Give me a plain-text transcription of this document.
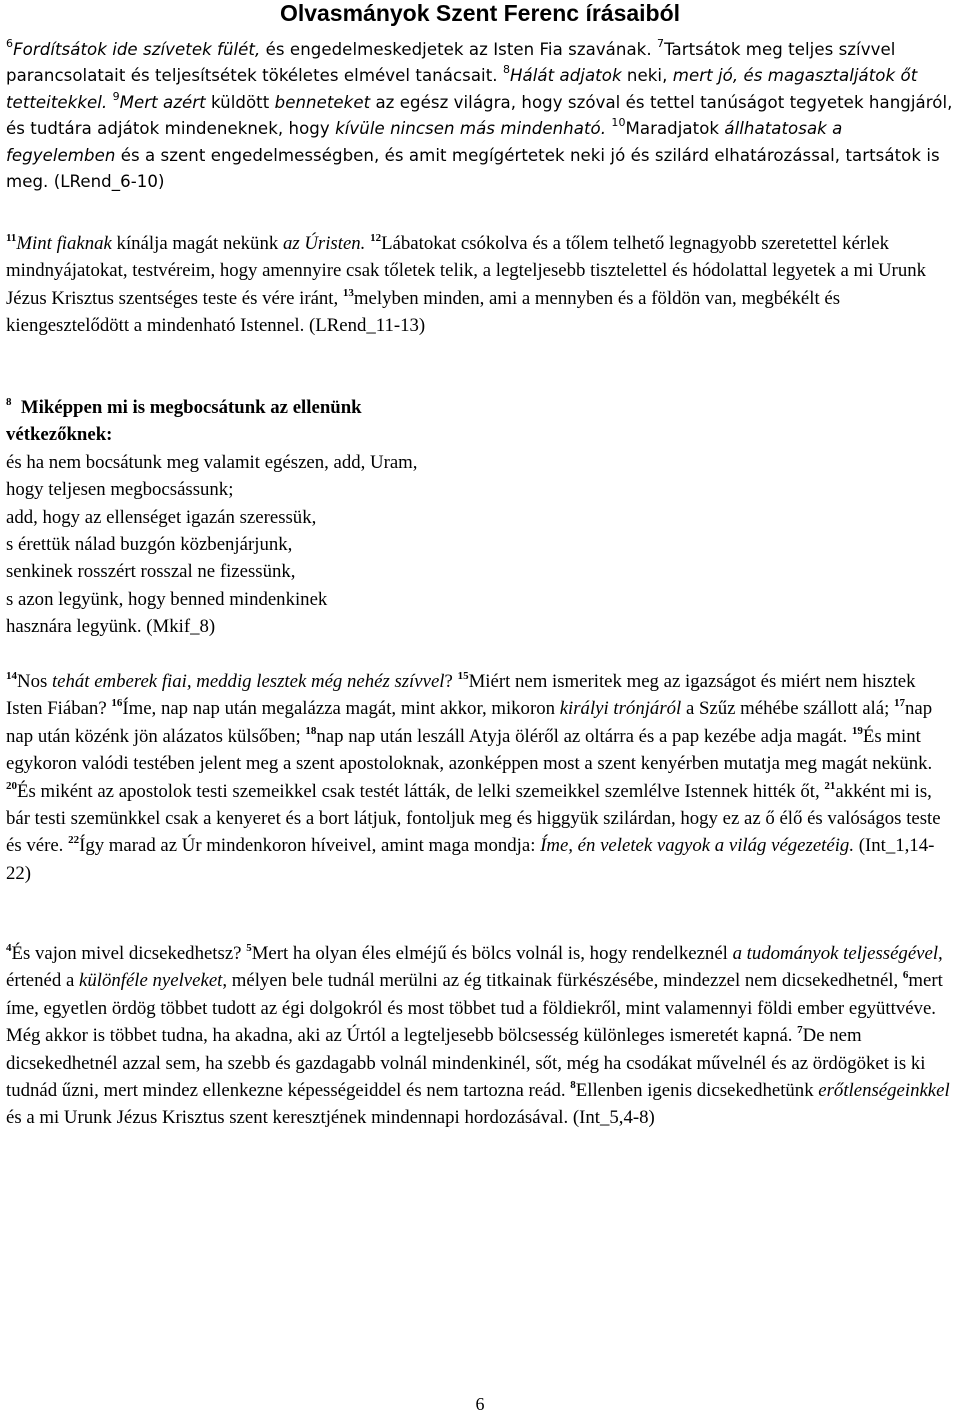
Olvasmányok Szent Ferenc írásaiból

$^6$Fordítsátok ide szívetek fülét, és engedelmeskedjetek az Isten Fia szavának. $^7$Tartsátok meg teljes szívvel parancsolatait és teljesítsétek tökéletes elmével tanácsait. $^8$Hálát adjatok neki, mert jó, és magasztaljátok őt tetteitekkel. $^9$Mert azért küldött benneteket az egész világra, hogy szóval és tettel tanúságot tegyetek hangjáról, és tudtára adjátok mindeneknek, hogy kívüle nincsen más mindenható. $^{10}$Maradjatok állhatatosak a fegyelemben és a szent engedelmességben, és amit megígértetek neki jó és szilárd elhatározással, tartsátok is meg. (LRend_6-10)

$^{11}$Mint fiaknak kínálja magát nekünk az Úristen. $^{12}$Lábatokat csókolva és a tőlem telhető legnagyobb szeretettel kérlek mindnyájatokat, testvéreim, hogy amennyire csak tőletek telik, a legteljesebb tisztelettel és hódolattal legyetek a mi Urunk Jézus Krisztus szentséges teste és vére iránt, $^{13}$melyben minden, ami a mennyben és a földön van, megbékélt és kiengesztelődött a mindenható Istennel. (LRend_11-13)

$^8$ Miképpen mi is megbocsátunk az ellenünk
vétkezőknek:
és ha nem bocsátunk meg valamit egészen, add, Uram,
hogy teljesen megbocsássunk;
add, hogy az ellenséget igazán szeressük,
s érettük nálad buzgón közbenjárjunk,
senkinek rosszért rosszal ne fizessünk,
s azon legyünk, hogy benned mindenkinek
hasznára legyünk. (Mkif_8)

$^{14}$Nos tehát emberek fiai, meddig lesztek még nehéz szívvel? $^{15}$Miért nem ismeritek meg az igazságot és miért nem hisztek Isten Fiában? $^{16}$Íme, nap nap után megalázza magát, mint akkor, mikoron királyi trónjáról a Szűz méhébe szállott alá; $^{17}$nap nap után közénk jön alázatos külsőben; $^{18}$nap nap után leszáll Atyja öléről az oltárra és a pap kezébe adja magát. $^{19}$És mint egykoron valódi testében jelent meg a szent apostoloknak, azonképpen most a szent kenyérben mutatja meg magát nekünk. $^{20}$És miként az apostolok testi szemeikkel csak testét látták, de lelki szemeikkel szemlélve Istennek hitték őt, $^{21}$akként mi is, bár testi szemünkkel csak a kenyeret és a bort látjuk, fontoljuk meg és higgyük szilárdan, hogy ez az ő élő és valóságos teste és vére. $^{22}$Így marad az Úr mindenkoron híveivel, amint maga mondja: Íme, én veletek vagyok a világ végezetéig. (Int_1,14-22)

$^4$És vajon mivel dicsekedhetsz? $^5$Mert ha olyan éles elméjű és bölcs volnál is, hogy rendelkeznél a tudományok teljességével, értenéd a különféle nyelveket, mélyen bele tudnál merülni az ég titkainak fürkészésébe, mindezzel nem dicsekedhetnél, $^6$mert íme, egyetlen ördög többet tudott az égi dolgokról és most többet tud a földiekről, mint valamennyi földi ember együttvéve. Még akkor is többet tudna, ha akadna, aki az Úrtól a legteljesebb bölcsesség különleges ismeretét kapná. $^7$De nem dicsekedhetnél azzal sem, ha szebb és gazdagabb volnál mindenkinél, sőt, még ha csodákat művelnél és az ördögöket is ki tudnád űzni, mert mindez ellenkezne képességeiddel és nem tartozna reád. $^8$Ellenben igenis dicsekedhetünk erőtlenségeinkkel és a mi Urunk Jézus Krisztus szent keresztjének mindennapi hordozásával. (Int_5,4-8)

6
